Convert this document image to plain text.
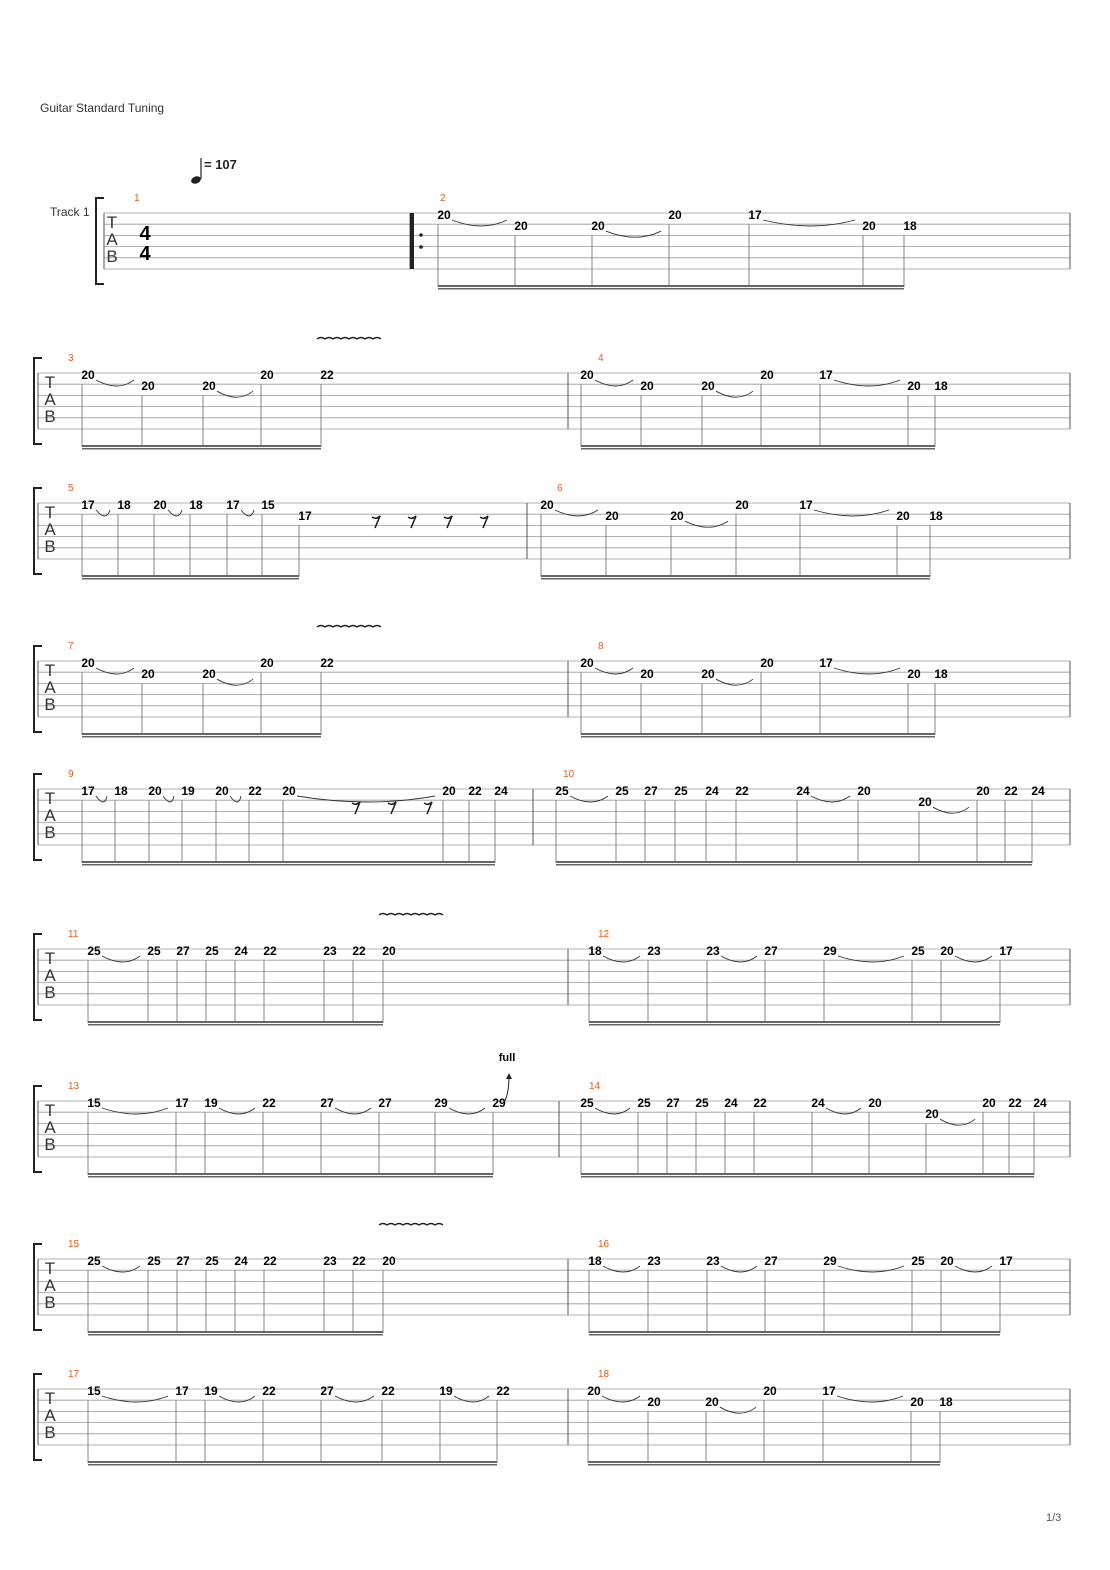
Guitar Standard Tuning
= 107
Track 1
1/3
T
A
B
1	2
4
4
20
20	20
20	17
20 18
T
A
B
3	4
20
20	20
20	22	20
20	20
20	17
20 18
T
A
B
5	6
17 18 20 18 17 15
17
20
20	20
20	17
20 18
T
A
B
7	8
20
20	20
20	22	20
20	20
20	17
20 18
T
A
B
9	10
17 18 20 19 20 22 20	20 22 24	25	25 27 25 24 22	24	20
20
20 22 24
T
A
B
11	12
25	25 27 25 24 22	23 22 20	18	23	23	27	29	25 20	17
T
A
B
13	14
15	17 19	22	27	27	29	29
full
25	25 27 25 24 22	24	20
20
20 22 24
T
A
B
15	16
25	25 27 25 24 22	23 22 20	18	23	23	27	29	25 20	17
T
A
B
17	18
15	17 19	22	27	22	19	22	20
20	20
20	17
20 18
